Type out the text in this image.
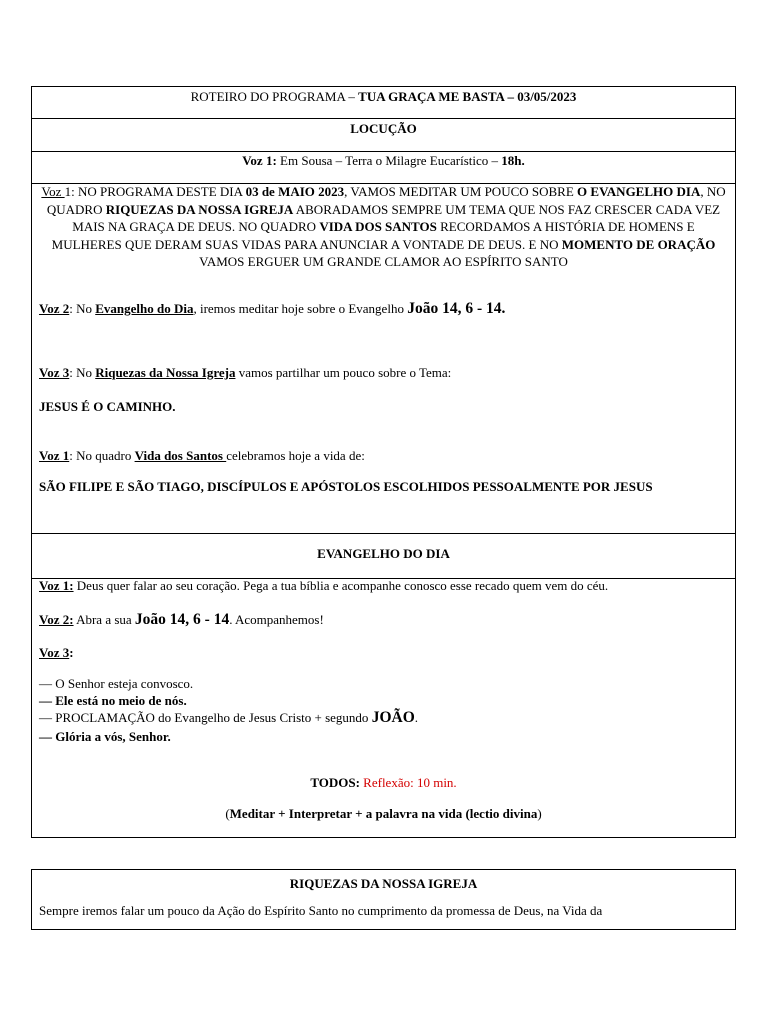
ROTEIRO DO PROGRAMA – TUA GRAÇA ME BASTA – 03/05/2023
LOCUÇÃO
Voz 1: Em Sousa – Terra o Milagre Eucarístico – 18h.

Voz 1: NO PROGRAMA DESTE DIA 03 de MAIO 2023, VAMOS MEDITAR UM POUCO SOBRE O EVANGELHO DIA, NO QUADRO RIQUEZAS DA NOSSA IGREJA ABORADAMOS SEMPRE UM TEMA QUE NOS FAZ CRESCER CADA VEZ MAIS NA GRAÇA DE DEUS. NO QUADRO VIDA DOS SANTOS RECORDAMOS A HISTÓRIA DE HOMENS E MULHERES QUE DERAM SUAS VIDAS PARA ANUNCIAR A VONTADE DE DEUS. E NO MOMENTO DE ORAÇÃO VAMOS ERGUER UM GRANDE CLAMOR AO ESPÍRITO SANTO

Voz 2: No Evangelho do Dia, iremos meditar hoje sobre o Evangelho João 14, 6 - 14.

Voz 3: No Riquezas da Nossa Igreja vamos partilhar um pouco sobre o Tema:

JESUS É O CAMINHO.

Voz 1: No quadro Vida dos Santos celebramos hoje a vida de:

SÃO FILIPE E SÃO TIAGO, DISCÍPULOS E APÓSTOLOS ESCOLHIDOS PESSOALMENTE POR JESUS

EVANGELHO DO DIA

Voz 1: Deus quer falar ao seu coração. Pega a tua bíblia e acompanhe conosco esse recado quem vem do céu.

Voz 2: Abra a sua João 14, 6 - 14. Acompanhemos!

Voz 3:

— O Senhor esteja convosco.

— Ele está no meio de nós.

— PROCLAMAÇÃO do Evangelho de Jesus Cristo + segundo JOÃO.

— Glória a vós, Senhor.

TODOS: Reflexão: 10 min.

(Meditar + Interpretar + a palavra na vida (lectio divina)

RIQUEZAS DA NOSSA IGREJA

Sempre iremos falar um pouco da Ação do Espírito Santo no cumprimento da promessa de Deus, na Vida da
